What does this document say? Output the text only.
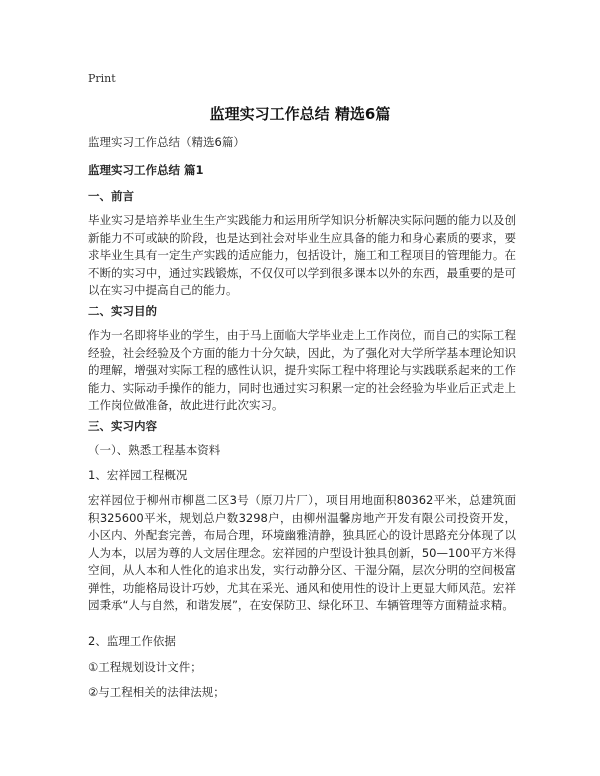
Print
监理实习工作总结 精选6篇
监理实习工作总结（精选6篇）
监理实习工作总结 篇1
一、前言
毕业实习是培养毕业生生产实践能力和运用所学知识分析解决实际问题的能力以及创新能力不可或缺的阶段，也是达到社会对毕业生应具备的能力和身心素质的要求，要求毕业生具有一定生产实践的适应能力，包括设计，施工和工程项目的管理能力。在不断的实习中，通过实践锻炼，不仅仅可以学到很多课本以外的东西，最重要的是可以在实习中提高自己的能力。
二、实习目的
作为一名即将毕业的学生，由于马上面临大学毕业走上工作岗位，而自己的实际工程经验，社会经验及个方面的能力十分欠缺，因此，为了强化对大学所学基本理论知识的理解，增强对实际工程的感性认识，提升实际工程中将理论与实践联系起来的工作能力、实际动手操作的能力，同时也通过实习积累一定的社会经验为毕业后正式走上工作岗位做准备，故此进行此次实习。
三、实习内容
（一）、熟悉工程基本资料
1、宏祥园工程概况
宏祥园位于柳州市柳邕二区3号（原刀片厂），项目用地面积80362平米，总建筑面积325600平米，规划总户数3298户，由柳州温馨房地产开发有限公司投资开发，小区内、外配套完善，布局合理，环境幽雅清静，独具匠心的设计思路充分体现了以人为本，以居为尊的人文居住理念。宏祥园的户型设计独具创新，50—100平方米得空间，从人本和人性化的追求出发，实行动静分区、干湿分隔，层次分明的空间极富弹性，功能格局设计巧妙，尤其在采光、通风和使用性的设计上更显大师风范。宏祥园秉承“人与自然，和谐发展”，在安保防卫、绿化环卫、车辆管理等方面精益求精。
2、监理工作依据
①工程规划设计文件；
②与工程相关的法律法规；
